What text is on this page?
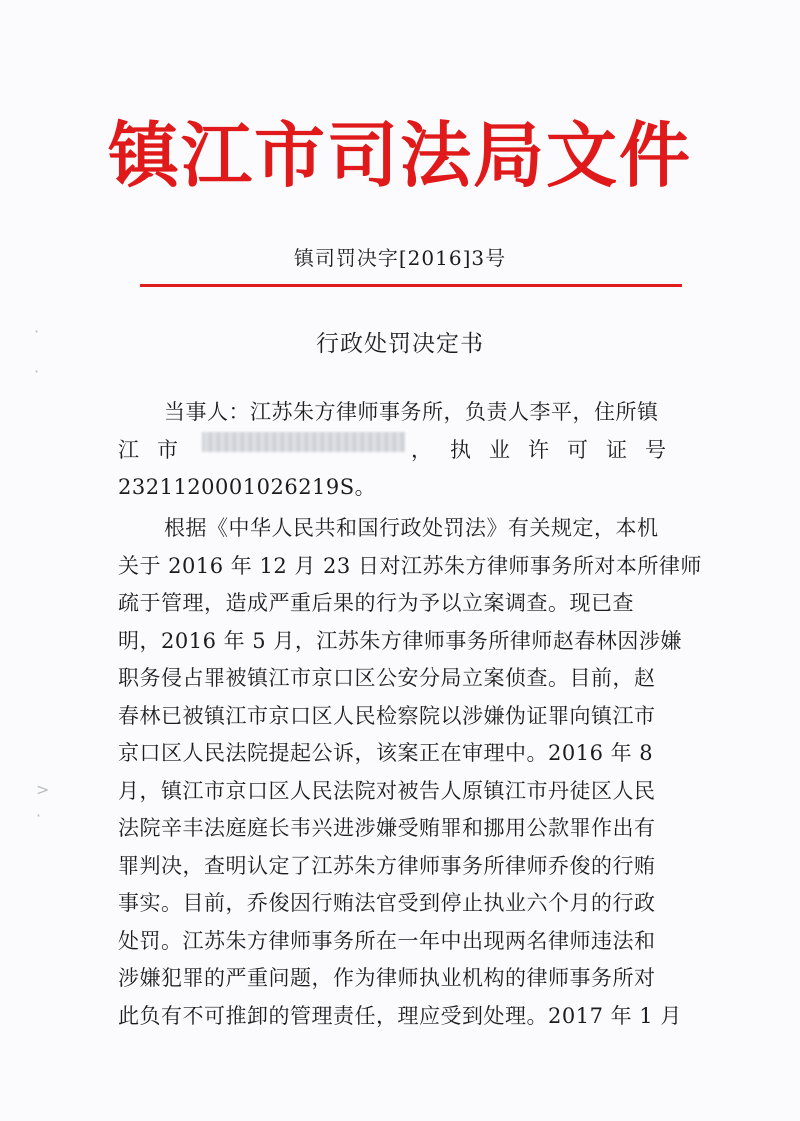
·
·
>
·
镇江市司法局文件
镇司罚决字[2016]3号
行政处罚决定书
当事人：江苏朱方律师事务所，负责人李平，住所镇
江市	，执业许可证号
2321120001026219S。
根据《中华人民共和国行政处罚法》有关规定，本机
关于 2016 年 12 月 23 日对江苏朱方律师事务所对本所律师
疏于管理，造成严重后果的行为予以立案调查。现已查
明，2016 年 5 月，江苏朱方律师事务所律师赵春林因涉嫌
职务侵占罪被镇江市京口区公安分局立案侦查。目前，赵
春林已被镇江市京口区人民检察院以涉嫌伪证罪向镇江市
京口区人民法院提起公诉，该案正在审理中。2016 年 8
月，镇江市京口区人民法院对被告人原镇江市丹徒区人民
法院辛丰法庭庭长韦兴进涉嫌受贿罪和挪用公款罪作出有
罪判决，查明认定了江苏朱方律师事务所律师乔俊的行贿
事实。目前，乔俊因行贿法官受到停止执业六个月的行政
处罚。江苏朱方律师事务所在一年中出现两名律师违法和
涉嫌犯罪的严重问题，作为律师执业机构的律师事务所对
此负有不可推卸的管理责任，理应受到处理。2017 年 1 月
